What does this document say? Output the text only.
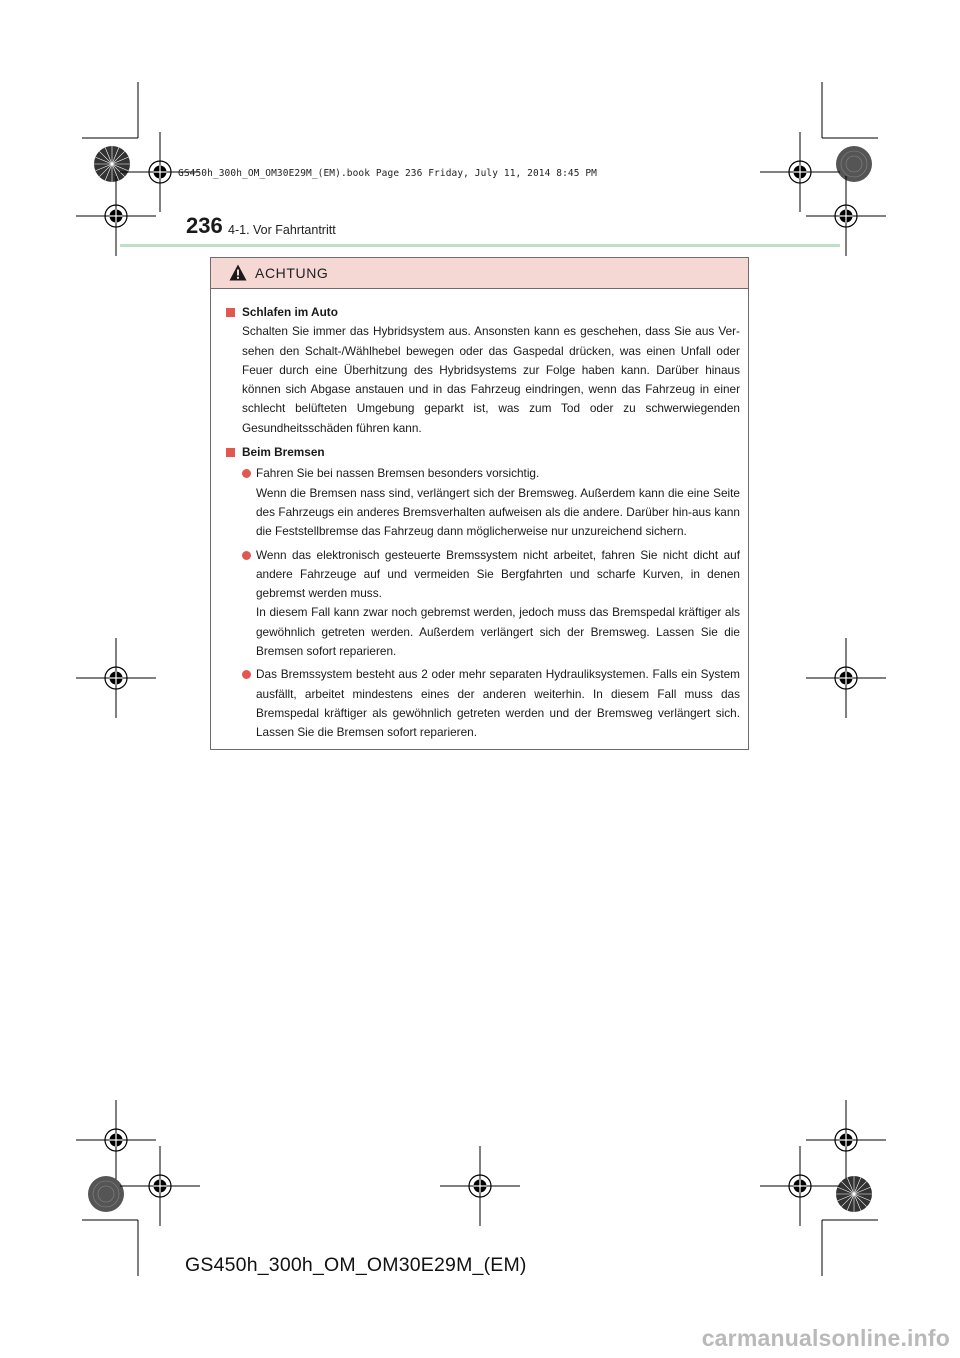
GS450h_300h_OM_OM30E29M_(EM).book Page 236 Friday, July 11, 2014 8:45 PM
236 4-1. Vor Fahrtantritt
ACHTUNG
Schlafen im Auto
Schalten Sie immer das Hybridsystem aus. Ansonsten kann es geschehen, dass Sie aus Ver-sehen den Schalt-/Wählhebel bewegen oder das Gaspedal drücken, was einen Unfall oder Feuer durch eine Überhitzung des Hybridsystems zur Folge haben kann. Darüber hinaus können sich Abgase anstauen und in das Fahrzeug eindringen, wenn das Fahrzeug in einer schlecht belüfteten Umgebung geparkt ist, was zum Tod oder zu schwerwiegenden Gesundheitsschäden führen kann.
Beim Bremsen
Fahren Sie bei nassen Bremsen besonders vorsichtig.
Wenn die Bremsen nass sind, verlängert sich der Bremsweg. Außerdem kann die eine Seite des Fahrzeugs ein anderes Bremsverhalten aufweisen als die andere. Darüber hin-aus kann die Feststellbremse das Fahrzeug dann möglicherweise nur unzureichend sichern.
Wenn das elektronisch gesteuerte Bremssystem nicht arbeitet, fahren Sie nicht dicht auf andere Fahrzeuge auf und vermeiden Sie Bergfahrten und scharfe Kurven, in denen gebremst werden muss.
In diesem Fall kann zwar noch gebremst werden, jedoch muss das Bremspedal kräftiger als gewöhnlich getreten werden. Außerdem verlängert sich der Bremsweg. Lassen Sie die Bremsen sofort reparieren.
Das Bremssystem besteht aus 2 oder mehr separaten Hydrauliksystemen. Falls ein System ausfällt, arbeitet mindestens eines der anderen weiterhin. In diesem Fall muss das Bremspedal kräftiger als gewöhnlich getreten werden und der Bremsweg verlängert sich. Lassen Sie die Bremsen sofort reparieren.
GS450h_300h_OM_OM30E29M_(EM)
carmanualsonline.info
